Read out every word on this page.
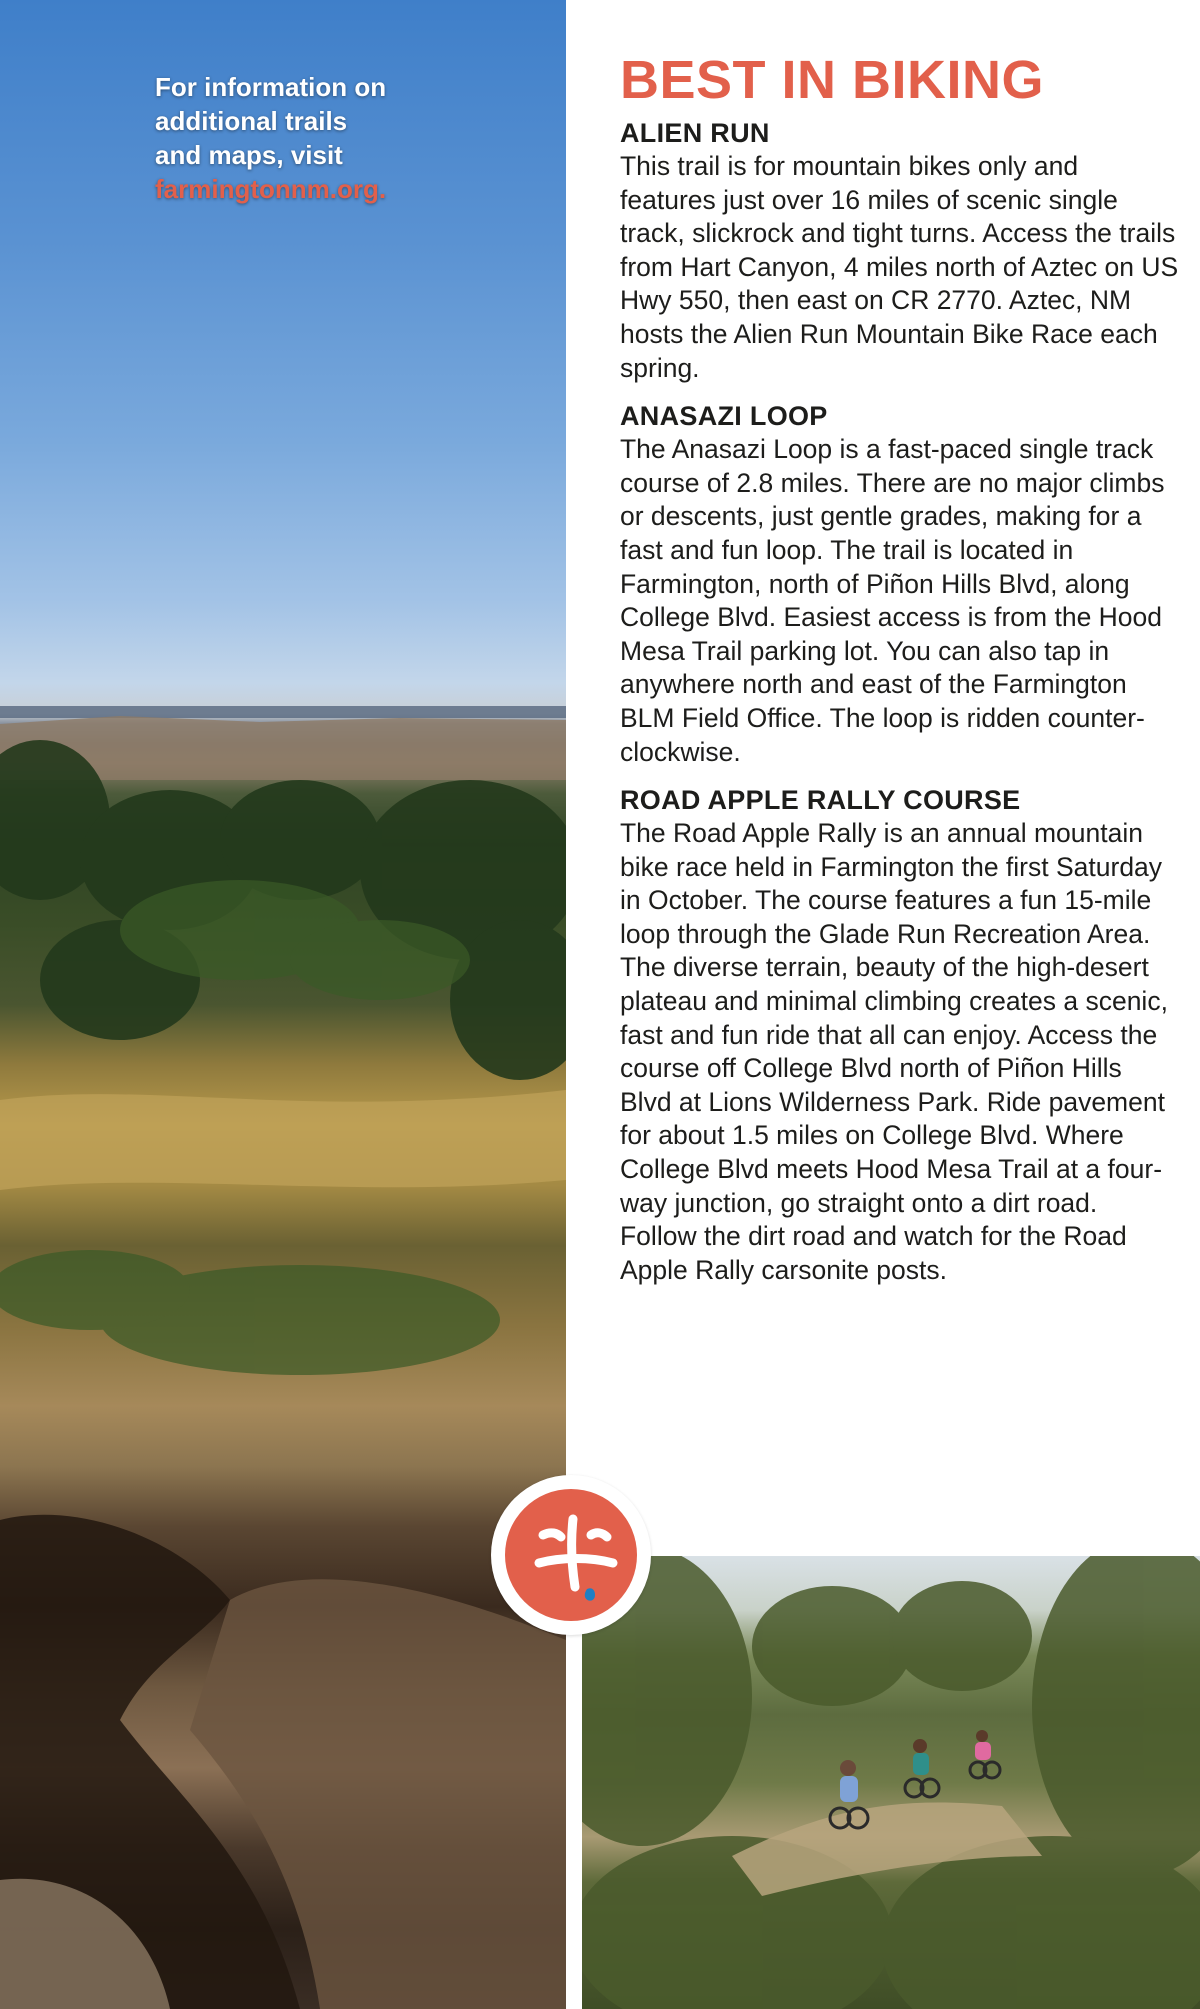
For information on
additional trails
and maps, visit
farmingtonnm.org.
BEST IN BIKING
ALIEN RUN

This trail is for mountain bikes only and features just over 16 miles of scenic single track, slickrock and tight turns. Access the trails from Hart Canyon, 4 miles north of Aztec on US Hwy 550, then east on CR 2770. Aztec, NM hosts the Alien Run Mountain Bike Race each spring.

ANASAZI LOOP

The Anasazi Loop is a fast-paced single track course of 2.8 miles. There are no major climbs or descents, just gentle grades, making for a fast and fun loop. The trail is located in Farmington, north of Piñon Hills Blvd, along College Blvd. Easiest access is from the Hood Mesa Trail parking lot. You can also tap in anywhere north and east of the Farmington BLM Field Office. The loop is ridden counter-clockwise.

ROAD APPLE RALLY COURSE

The Road Apple Rally is an annual mountain bike race held in Farmington the first Saturday in October. The course features a fun 15-mile loop through the Glade Run Recreation Area. The diverse terrain, beauty of the high-desert plateau and minimal climbing creates a scenic, fast and fun ride that all can enjoy. Access the course off College Blvd north of Piñon Hills Blvd at Lions Wilderness Park. Ride pavement for about 1.5 miles on College Blvd. Where College Blvd meets Hood Mesa Trail at a four-way junction, go straight onto a dirt road. Follow the dirt road and watch for the Road Apple Rally carsonite posts.
